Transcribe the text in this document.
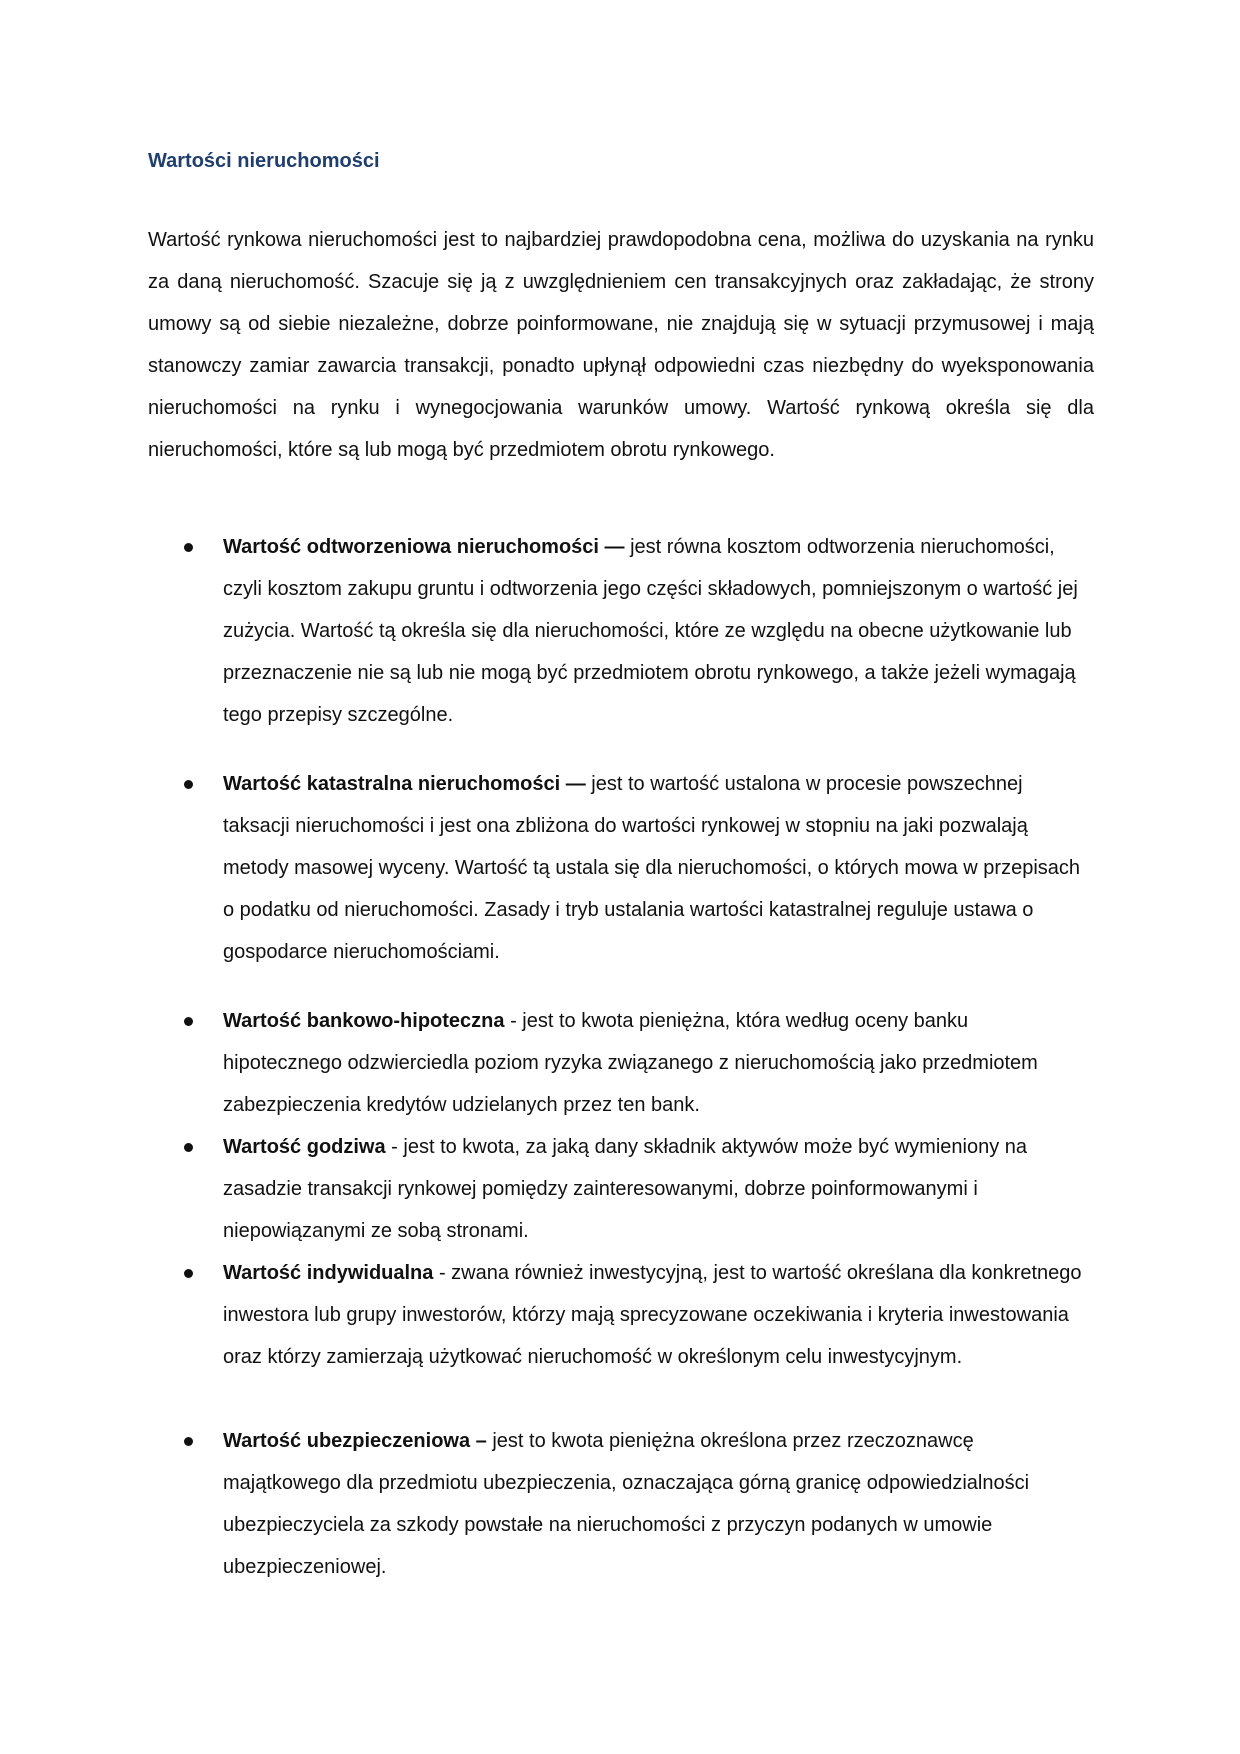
Wartości nieruchomości

Wartość rynkowa nieruchomości jest to najbardziej prawdopodobna cena, możliwa do uzyskania na rynku za daną nieruchomość. Szacuje się ją z uwzględnieniem cen transakcyjnych oraz zakładając, że strony umowy są od siebie niezależne, dobrze poinformowane, nie znajdują się w sytuacji przymusowej i mają stanowczy zamiar zawarcia transakcji, ponadto upłynął odpowiedni czas niezbędny do wyeksponowania nieruchomości na rynku i wynegocjowania warunków umowy. Wartość rynkową określa się dla nieruchomości, które są lub mogą być przedmiotem obrotu rynkowego.

Wartość odtworzeniowa nieruchomości — jest równa kosztom odtworzenia nieruchomości, czyli kosztom zakupu gruntu i odtworzenia jego części składowych, pomniejszonym o wartość jej zużycia. Wartość tą określa się dla nieruchomości, które ze względu na obecne użytkowanie lub przeznaczenie nie są lub nie mogą być przedmiotem obrotu rynkowego, a także jeżeli wymagają tego przepisy szczególne.
Wartość katastralna nieruchomości — jest to wartość ustalona w procesie powszechnej taksacji nieruchomości i jest ona zbliżona do wartości rynkowej w stopniu na jaki pozwalają metody masowej wyceny. Wartość tą ustala się dla nieruchomości, o których mowa w przepisach o podatku od nieruchomości. Zasady i tryb ustalania wartości katastralnej reguluje ustawa o gospodarce nieruchomościami.
Wartość bankowo-hipoteczna - jest to kwota pieniężna, która według oceny banku hipotecznego odzwierciedla poziom ryzyka związanego z nieruchomością jako przedmiotem zabezpieczenia kredytów udzielanych przez ten bank.
Wartość godziwa - jest to kwota, za jaką dany składnik aktywów może być wymieniony na zasadzie transakcji rynkowej pomiędzy zainteresowanymi, dobrze poinformowanymi i niepowiązanymi ze sobą stronami.
Wartość indywidualna - zwana również inwestycyjną, jest to wartość określana dla konkretnego inwestora lub grupy inwestorów, którzy mają sprecyzowane oczekiwania i kryteria inwestowania oraz którzy zamierzają użytkować nieruchomość w określonym celu inwestycyjnym.
Wartość ubezpieczeniowa – jest to kwota pieniężna określona przez rzeczoznawcę majątkowego dla przedmiotu ubezpieczenia, oznaczająca górną granicę odpowiedzialności ubezpieczyciela za szkody powstałe na nieruchomości z przyczyn podanych w umowie ubezpieczeniowej.
